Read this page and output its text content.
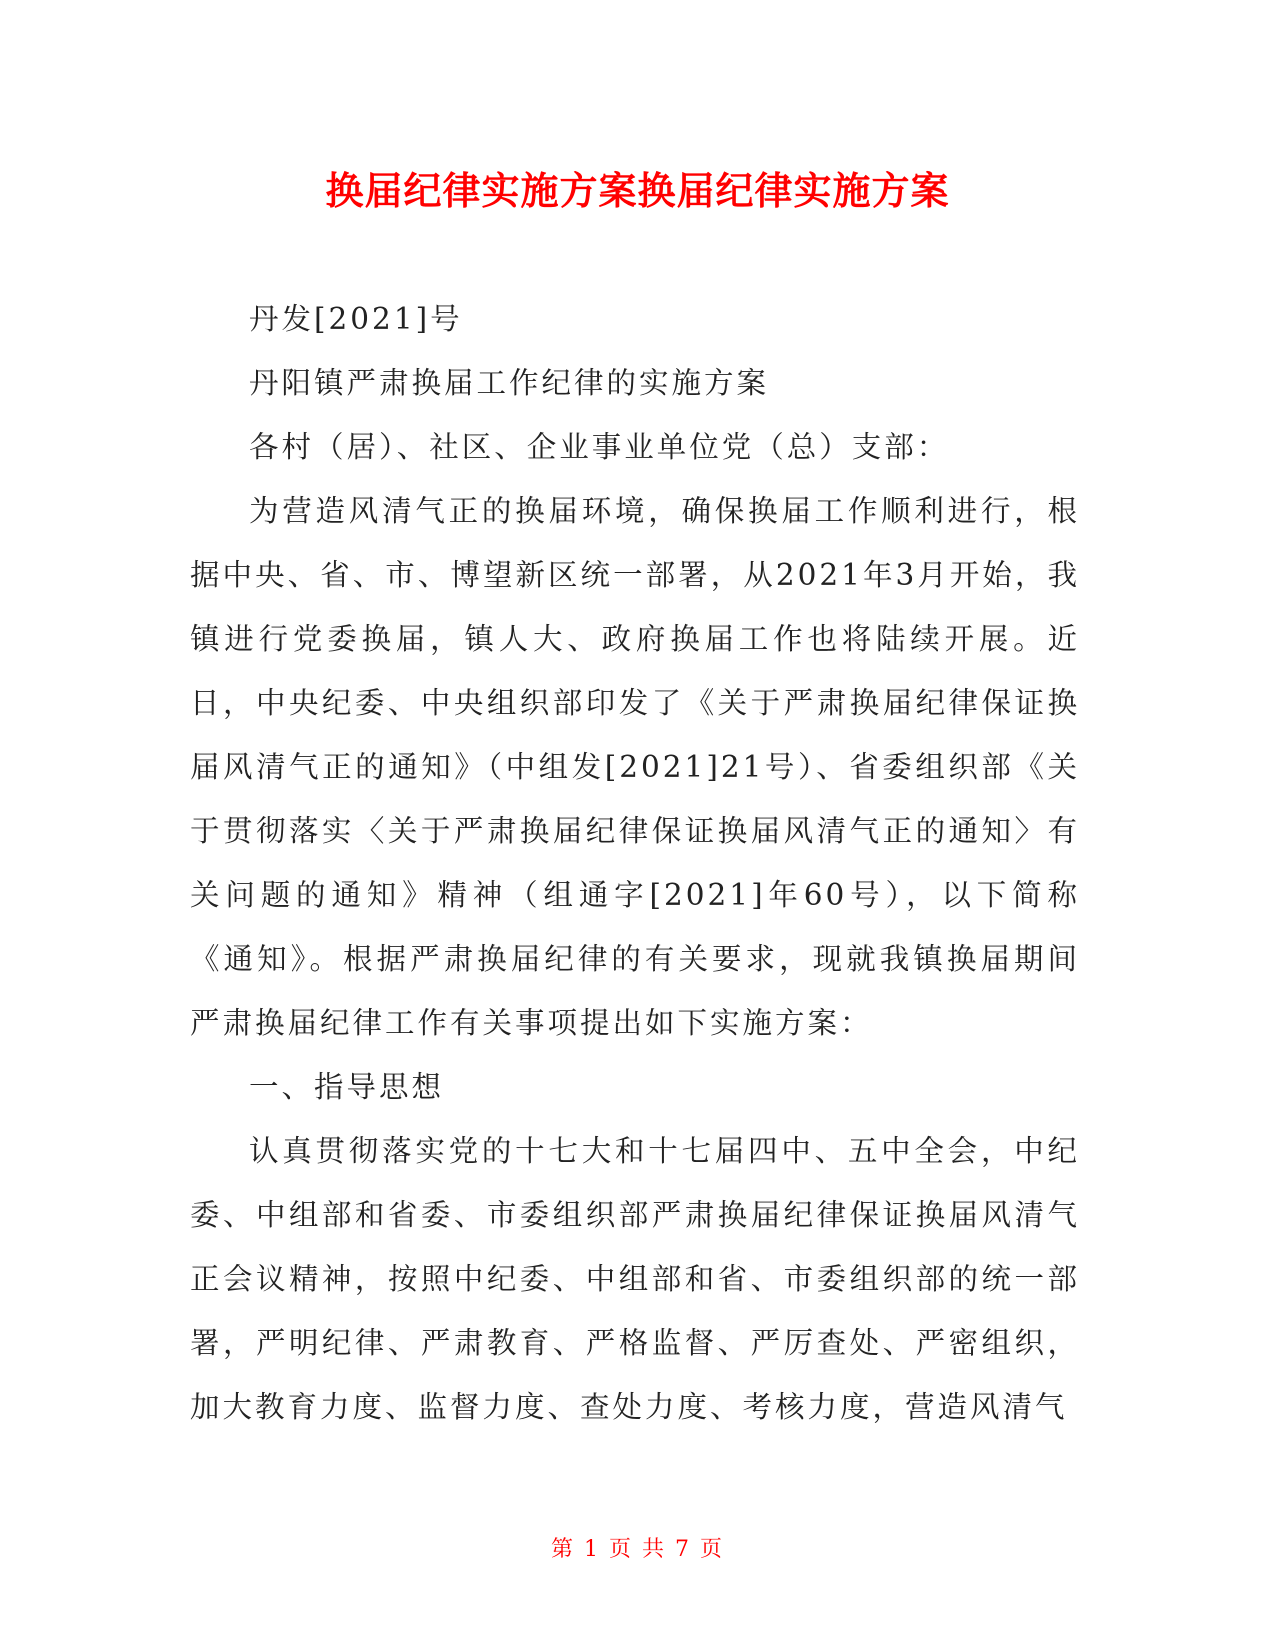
换届纪律实施方案换届纪律实施方案

丹发[2021]号

丹阳镇严肃换届工作纪律的实施方案

各村（居）、社区、企业事业单位党（总）支部：

为营造风清气正的换届环境，确保换届工作顺利进行，根据中央、省、市、博望新区统一部署，从2021年3月开始，我镇进行党委换届，镇人大、政府换届工作也将陆续开展。近日，中央纪委、中央组织部印发了《关于严肃换届纪律保证换届风清气正的通知》（中组发[2021]21号）、省委组织部《关于贯彻落实〈关于严肃换届纪律保证换届风清气正的通知〉有关问题的通知》精神（组通字[2021]年60号），以下简称《通知》。根据严肃换届纪律的有关要求，现就我镇换届期间严肃换届纪律工作有关事项提出如下实施方案：

一、指导思想

认真贯彻落实党的十七大和十七届四中、五中全会，中纪委、中组部和省委、市委组织部严肃换届纪律保证换届风清气正会议精神，按照中纪委、中组部和省、市委组织部的统一部署，严明纪律、严肃教育、严格监督、严厉查处、严密组织，加大教育力度、监督力度、查处力度、考核力度，营造风清气

第 1 页 共 7 页
